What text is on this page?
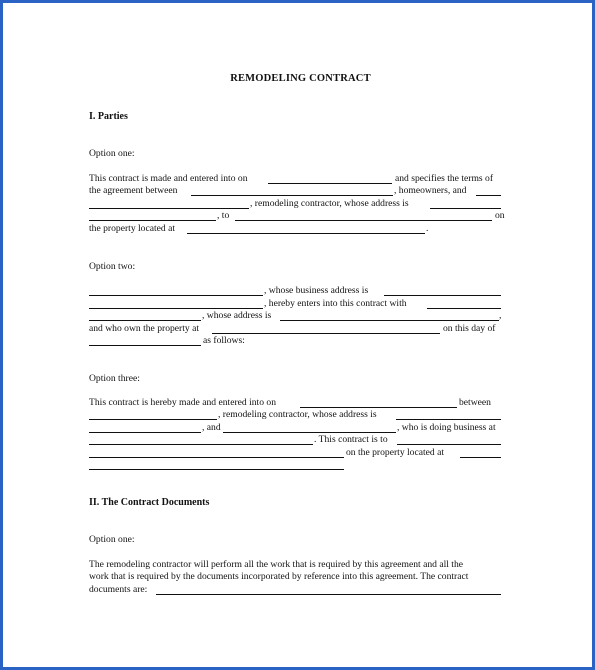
REMODELING CONTRACT
I. Parties

Option one:

This contract is made and entered into on	and specifies the terms of

the agreement between	, homeowners, and

, remodeling contractor, whose address is

, to	on

the property located at	.

Option two:

, whose business address is

, hereby enters into this contract with

, whose address is	,

and who own the property at	on this day of

as follows:

Option three:

This contract is hereby made and entered into on	between

, remodeling contractor, whose address is

, and	, who is doing business at

. This contract is to

on the property located at

II. The Contract Documents

Option one:

The remodeling contractor will perform all the work that is required by this agreement and all the

work that is required by the documents incorporated by reference into this agreement. The contract

documents are:
